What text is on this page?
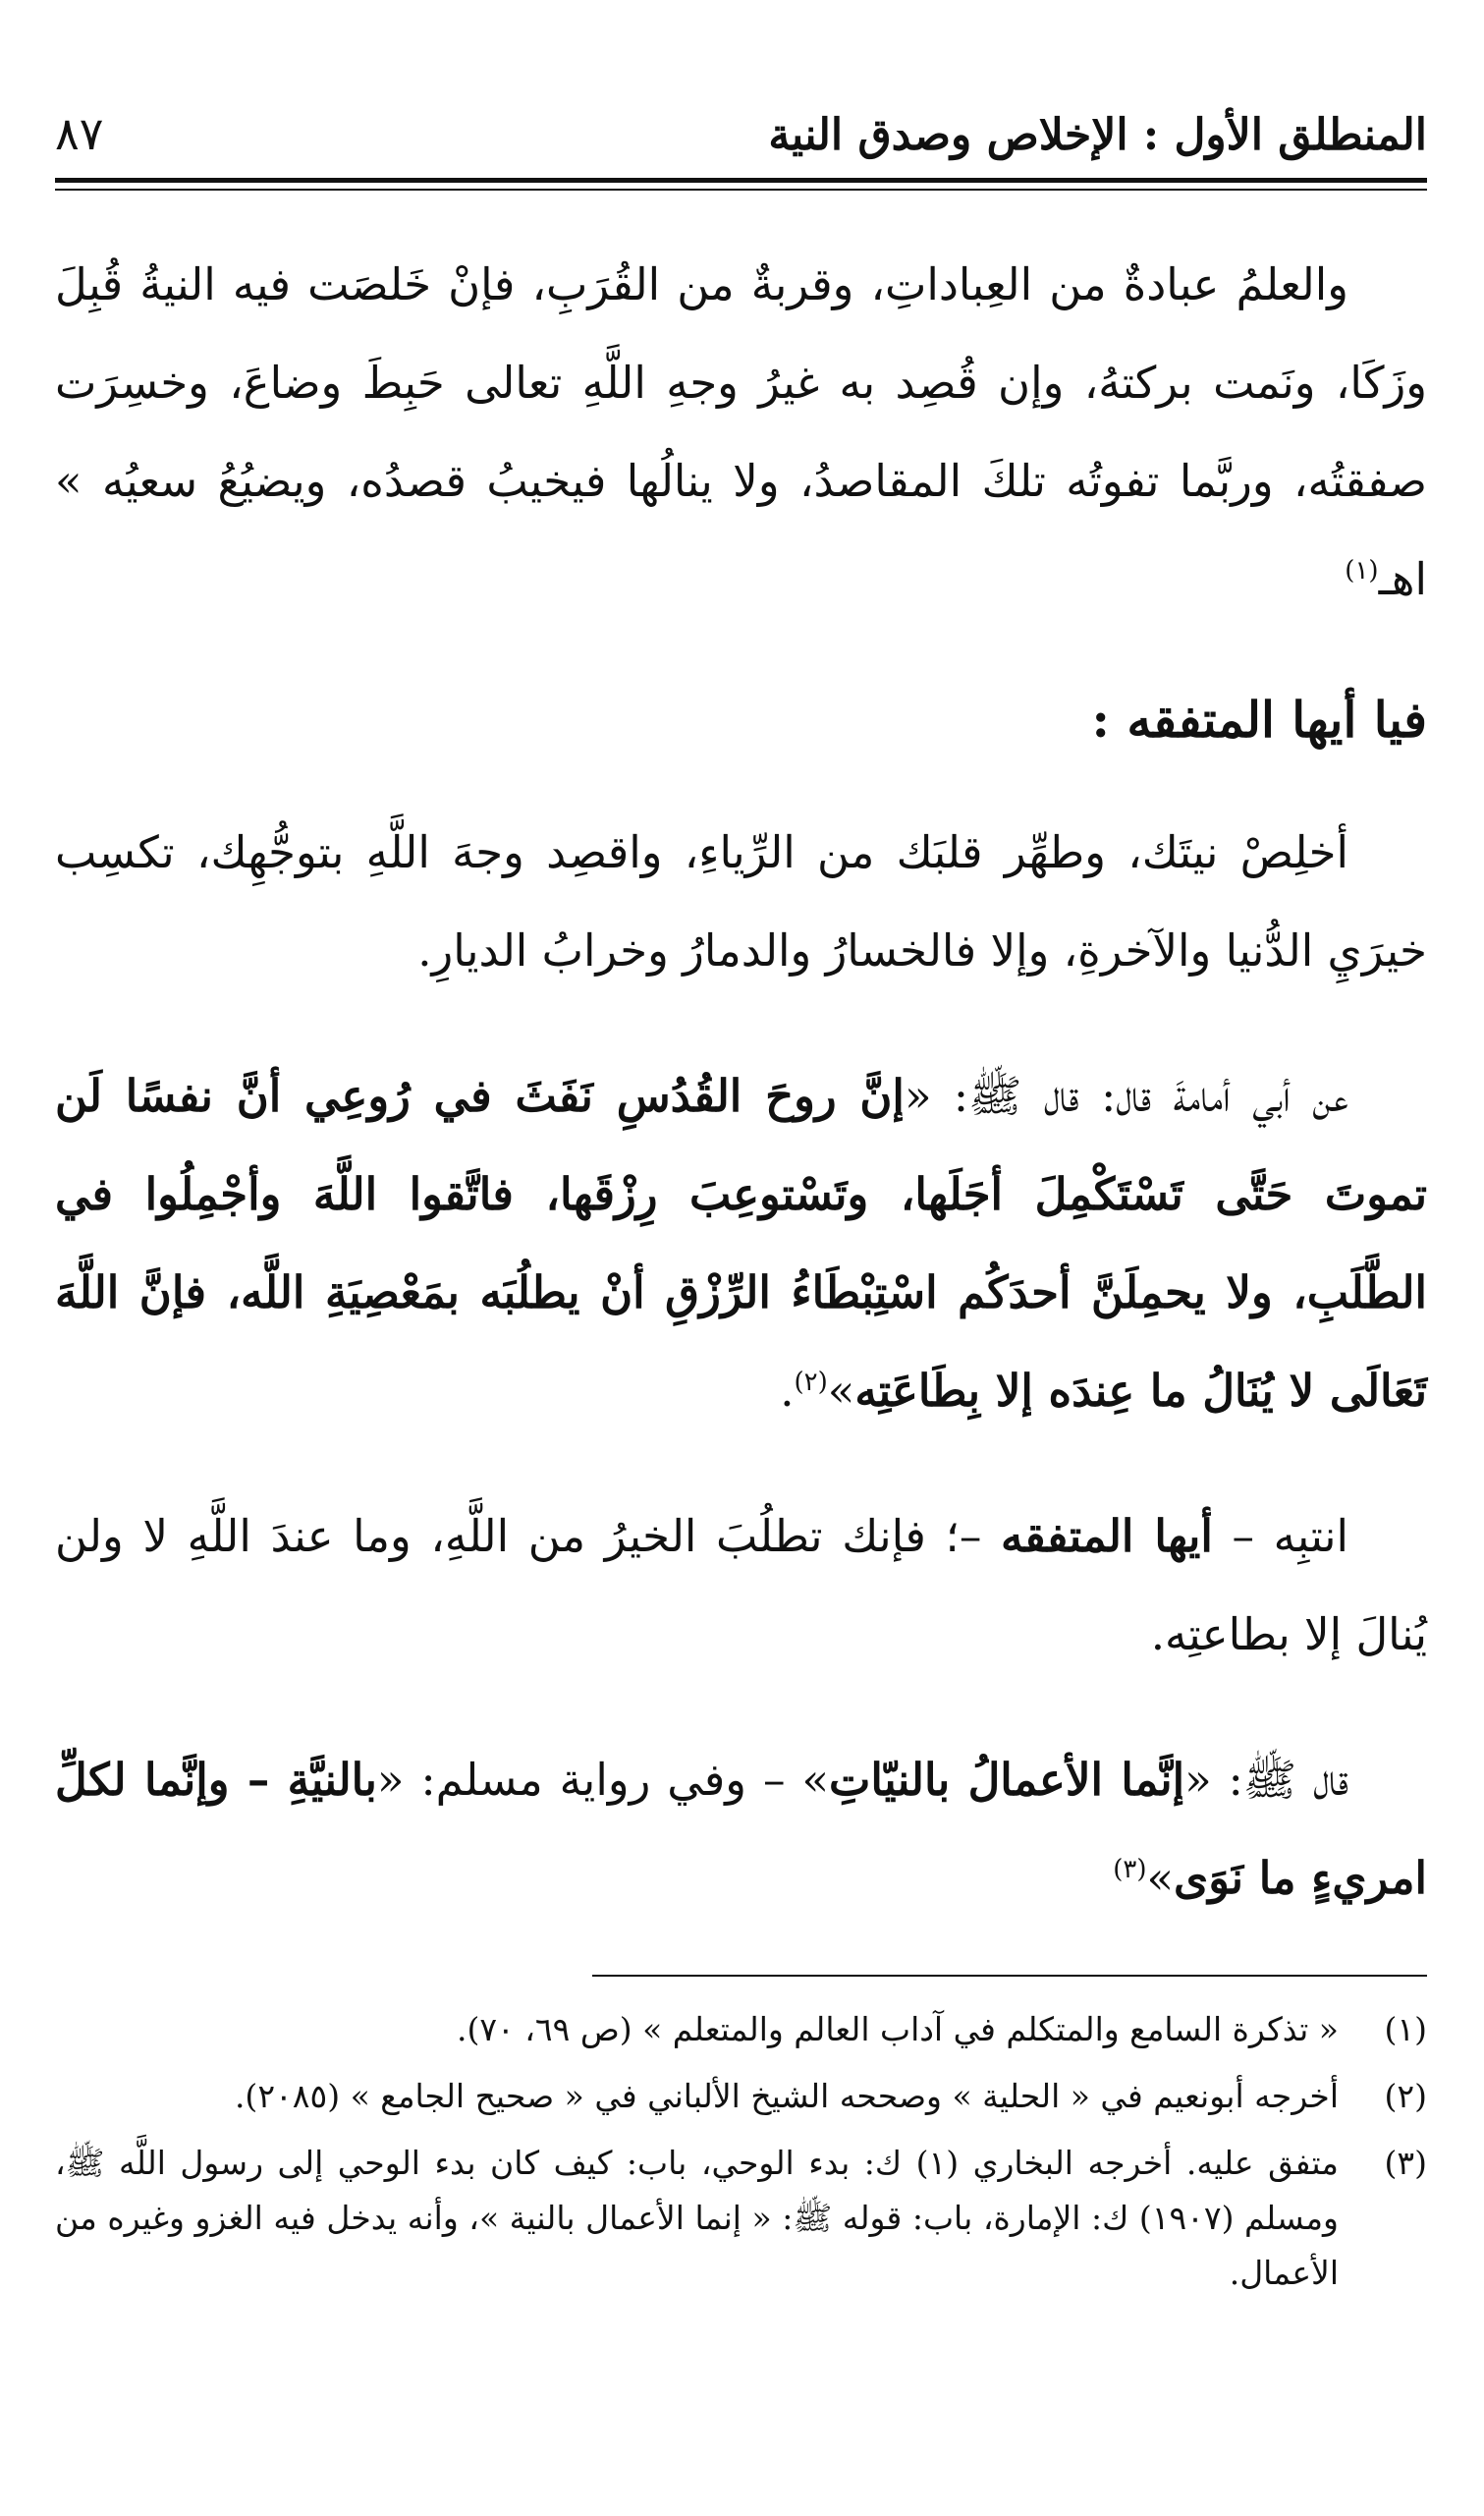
المنطلق الأول : الإخلاص وصدق النية
٨٧

والعلمُ عبادةٌ من العِباداتِ، وقربةٌ من القُرَبِ، فإنْ خَلصَت فيه النيةُ قُبِلَ وزَكَا، ونَمت بركتهُ، وإن قُصِد به غيرُ وجهِ اللَّهِ تعالى حَبِطَ وضاعَ، وخسِرَت صفقتُه، وربَّما تفوتُه تلكَ المقاصدُ، ولا ينالُها فيخيبُ قصدُه، ويضيُعُ سعيُه » اهـ$^{(١)}$

فيا أيها المتفقه :

أخلِصْ نيتَك، وطهِّر قلبَك من الرِّياءِ، واقصِد وجهَ اللَّهِ بتوجُّهِك، تكسِب خيرَيِ الدُّنيا والآخرةِ، وإلا فالخسارُ والدمارُ وخرابُ الديارِ.

عن أبي أمامةَ قال: قال ﷺ: «إنَّ روحَ القُدُسِ نَفَثَ في رُوعِي أنَّ نفسًا لَن تموتَ حَتَّى تَسْتَكْمِلَ أجَلَها، وتَسْتوعِبَ رِزْقَها، فاتَّقوا اللَّهَ وأجْمِلُوا في الطَّلَبِ، ولا يحمِلَنَّ أحدَكُم اسْتِبْطَاءُ الرِّزْقِ أنْ يطلُبَه بمَعْصِيَةِ اللَّه، فإنَّ اللَّهَ تَعَالَى لا يُنَالُ ما عِندَه إلا بِطَاعَتِه»$^{(٢)}$.

انتبِه – أيها المتفقه –؛ فإنك تطلُبَ الخيرُ من اللَّهِ، وما عندَ اللَّهِ لا ولن يُنالَ إلا بطاعتِه.

قال ﷺ: «إنَّما الأعمالُ بالنيّاتِ» – وفي رواية مسلم: «بالنيَّةِ – وإنَّما لكلِّ امريءٍ ما نَوَى»$^{(٣)}$

(١)
« تذكرة السامع والمتكلم في آداب العالم والمتعلم » (ص ٦٩، ٧٠).
(٢)
أخرجه أبونعيم في « الحلية » وصححه الشيخ الألباني في « صحيح الجامع » (٢٠٨٥).
(٣)
متفق عليه. أخرجه البخاري (١) ك: بدء الوحي، باب: كيف كان بدء الوحي إلى رسول اللَّه ﷺ، ومسلم (١٩٠٧) ك: الإمارة، باب: قوله ﷺ: « إنما الأعمال بالنية »، وأنه يدخل فيه الغزو وغيره من الأعمال.
